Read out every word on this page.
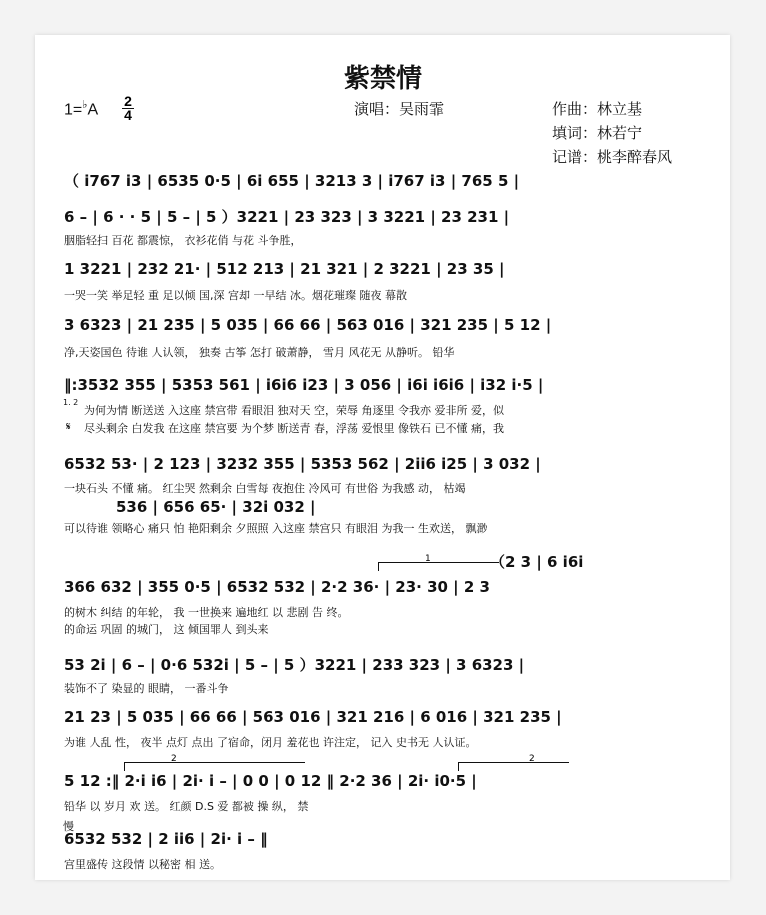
紫禁情
$1=^♭A \frac{2}{4}$	演唱：吴雨霏	作曲：林立基
填词：林若宁
记谱：桃李醉春风
（ i767 i3 | 6535 0·5 | 6i 655 | 3213 3 | i767 i3 | 765 5 |
6 – | 6 · · 5 | 5 – | 5 ）3221 | 23 323 | 3 3221 | 23 231 |
胭脂轻扫 百花 都震惊， 衣衫花俏 与花 斗争胜，
1 3221 | 232 21· | 512 213 | 21 321 | 2 3221 | 23 35 |
一哭一笑 举足轻 重 足以倾 国,深 宫却 一早结 冰。烟花璀璨 随夜 幕散
3 6323 | 21 235 | 5 035 | 66 66 | 563 016 | 321 235 | 5 12 |
净,天姿国色 待谁 人认领， 独奏 古筝 怎打 破萧静， 雪月 风花无 从静听。 铅华
‖:3532 355 | 5353 561 | i6i6 i23 | 3 056 | i6i i6i6 | i32 i·5 |
1. 2
为何为情 断送送 入这座 禁宫带 看眼泪 独对天 空，荣辱 角逐里 令我亦 爱非所 爱，似
𝄋 尽头剩余 白发我 在这座 禁宫要 为个梦 断送青 春，浮荡 爱恨里 像铁石 已不懂 痛，我
6532 53· | 2 123 | 3232 355 | 5353 562 | 2ii6 i25 | 3 032 |
一块石头 不懂 痛。 红尘哭 然剩余 白雪每 夜抱住 冷风可 有世俗 为我感 动， 枯竭
536 | 656 65· | 32i 032 |
可以待谁 领略心 痛只 怕 艳阳剩余 夕照照 入这座 禁宫只 有眼泪 为我一 生欢送， 飘渺
1	（2 3 | 6 i6i
366 632 | 355 0·5 | 6532 532 | 2·2 36· | 23· 30 | 2 3
的树木 纠结 的年轮， 我 一世换来 遍地红 以 悲剧 告 终。
的命运 巩固 的城门， 这 倾国罪人 到头来
53 2i | 6 – | 0·6 532i | 5 – | 5 ）3221 | 233 323 | 3 6323 |
装饰不了 染显的 眼睛， 一番斗争
21 23 | 5 035 | 66 66 | 563 016 | 321 216 | 6 016 | 321 235 |
为谁 人乱 性， 夜半 点灯 点出 了宿命，闭月 羞花也 许注定， 记入 史书无 人认证。
2	2
5 12 :‖ 2·i i6 | 2i· i – | 0 0 | 0 12 ‖ 2·2 36 | 2i· i0·5 |
铅华 以 岁月 欢 送。 红颜 D.S 爱 都被 操 纵， 禁
慢
6532 532 | 2 ii6 | 2i· i – ‖
宫里盛传 这段情 以秘密 相 送。
